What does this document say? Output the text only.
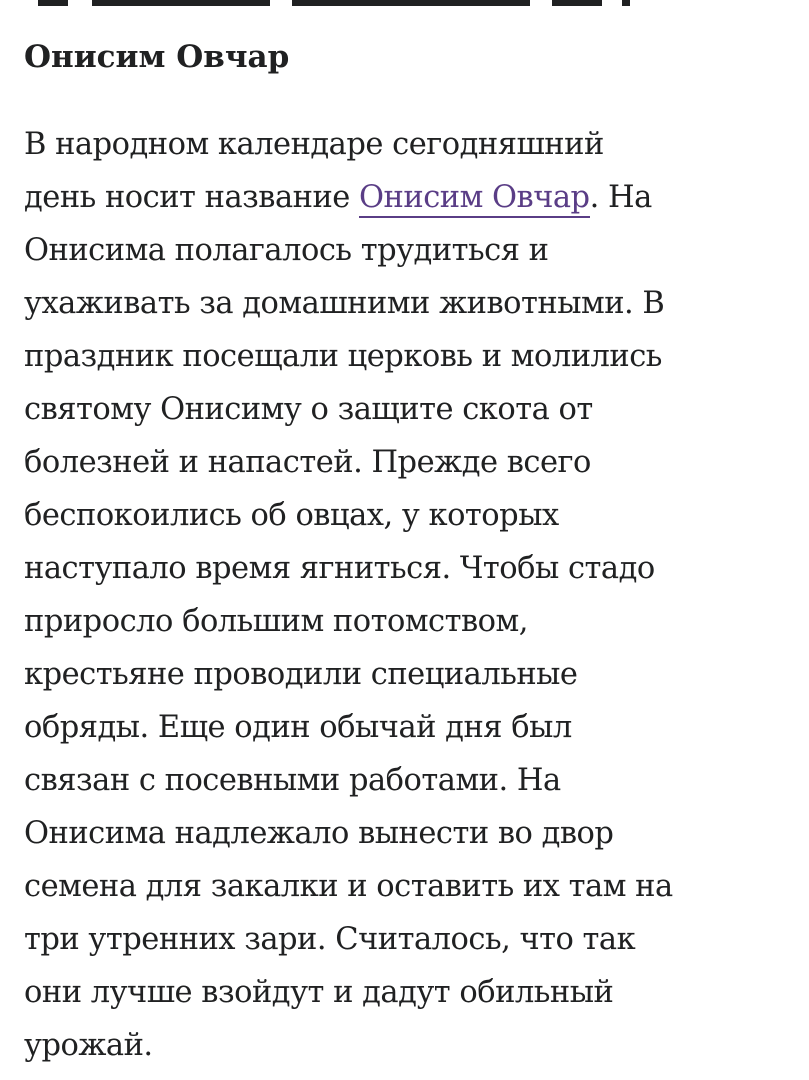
Онисим Овчар

В народном календаре сегодняшний
день носит название Онисим Овчар. На
Онисима полагалось трудиться и
ухаживать за домашними животными. В
праздник посещали церковь и молились
святому Онисиму о защите скота от
болезней и напастей. Прежде всего
беспокоились об овцах, у которых
наступало время ягниться. Чтобы стадо
приросло большим потомством,
крестьяне проводили специальные
обряды. Еще один обычай дня был
связан с посевными работами. На
Онисима надлежало вынести во двор
семена для закалки и оставить их там на
три утренних зари. Считалось, что так
они лучше взойдут и дадут обильный
урожай.
